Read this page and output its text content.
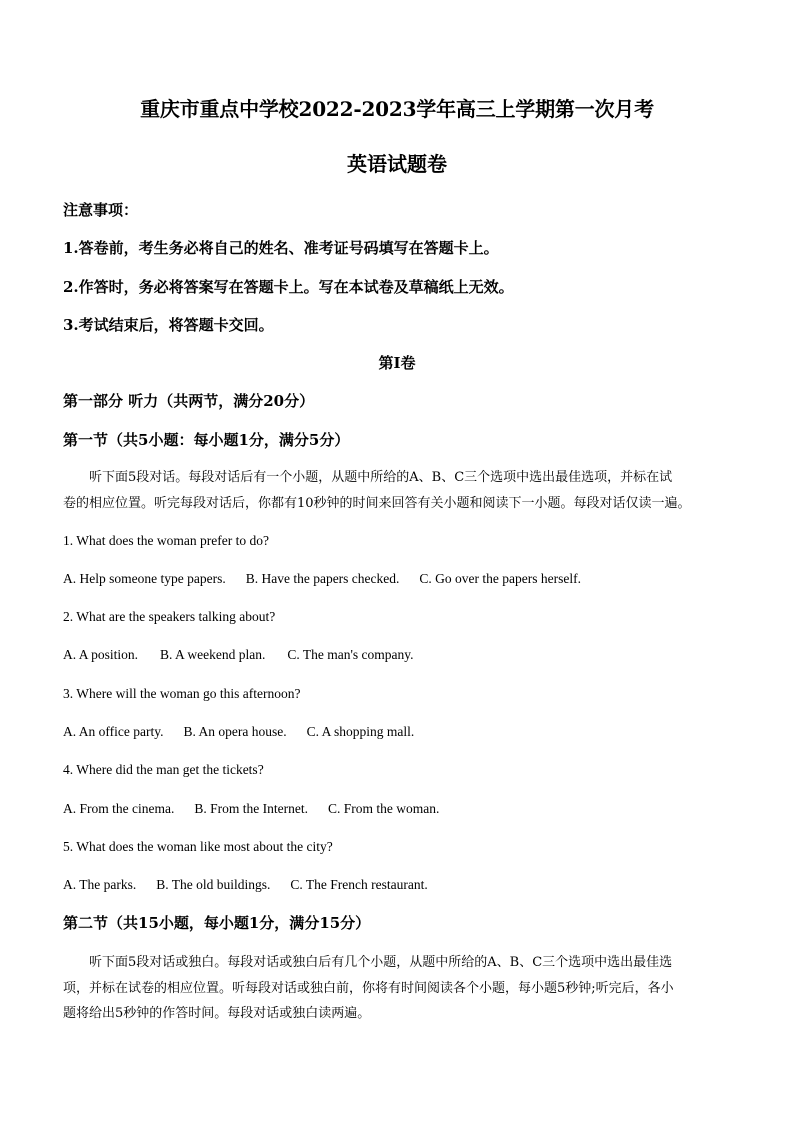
重庆市重点中学校2022-2023学年高三上学期第一次月考
英语试题卷
注意事项：
1.答卷前，考生务必将自己的姓名、准考证号码填写在答题卡上。
2.作答时，务必将答案写在答题卡上。写在本试卷及草稿纸上无效。
3.考试结束后，将答题卡交回。
第I卷
第一部分 听力（共两节，满分20分）
第一节（共5小题：每小题1分，满分5分）
听下面5段对话。每段对话后有一个小题，从题中所给的A、B、C三个选项中选出最佳选项，并标在试
卷的相应位置。听完每段对话后，你都有10秒钟的时间来回答有关小题和阅读下一小题。每段对话仅读一遍。
1. What does the woman prefer to do?
A. Help someone type papers. B. Have the papers checked. C. Go over the papers herself.
2. What are the speakers talking about?
A. A position. B. A weekend plan. C. The man's company.
3. Where will the woman go this afternoon?
A. An office party. B. An opera house. C. A shopping mall.
4. Where did the man get the tickets?
A. From the cinema. B. From the Internet. C. From the woman.
5. What does the woman like most about the city?
A. The parks. B. The old buildings. C. The French restaurant.
第二节（共15小题，每小题1分，满分15分）
听下面5段对话或独白。每段对话或独白后有几个小题，从题中所给的A、B、C三个选项中选出最佳选
项，并标在试卷的相应位置。听每段对话或独白前，你将有时间阅读各个小题，每小题5秒钟;听完后，各小
题将给出5秒钟的作答时间。每段对话或独白读两遍。
